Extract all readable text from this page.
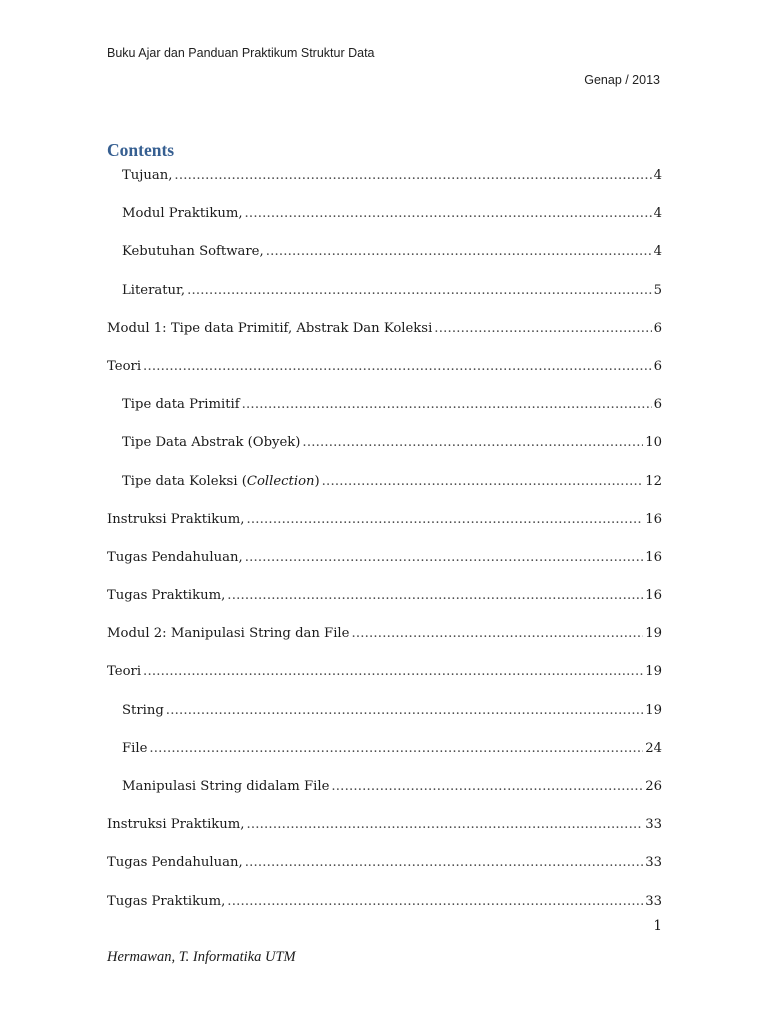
Buku Ajar dan Panduan Praktikum Struktur Data
Genap / 2013
Contents
Tujuan, .....	4
Modul Praktikum, .....	4
Kebutuhan Software, .....	4
Literatur, .....	5
Modul 1: Tipe data Primitif, Abstrak Dan Koleksi .....	6
Teori .....	6
Tipe data Primitif .....	6
Tipe Data Abstrak (Obyek) .....	10
Tipe data Koleksi (Collection) .....	12
Instruksi Praktikum, .....	16
Tugas Pendahuluan, .....	16
Tugas Praktikum, .....	16
Modul 2: Manipulasi String dan File .....	19
Teori .....	19
String .....	19
File .....	24
Manipulasi String didalam File .....	26
Instruksi Praktikum, .....	33
Tugas Pendahuluan, .....	33
Tugas Praktikum, .....	33
1
Hermawan, T. Informatika UTM
